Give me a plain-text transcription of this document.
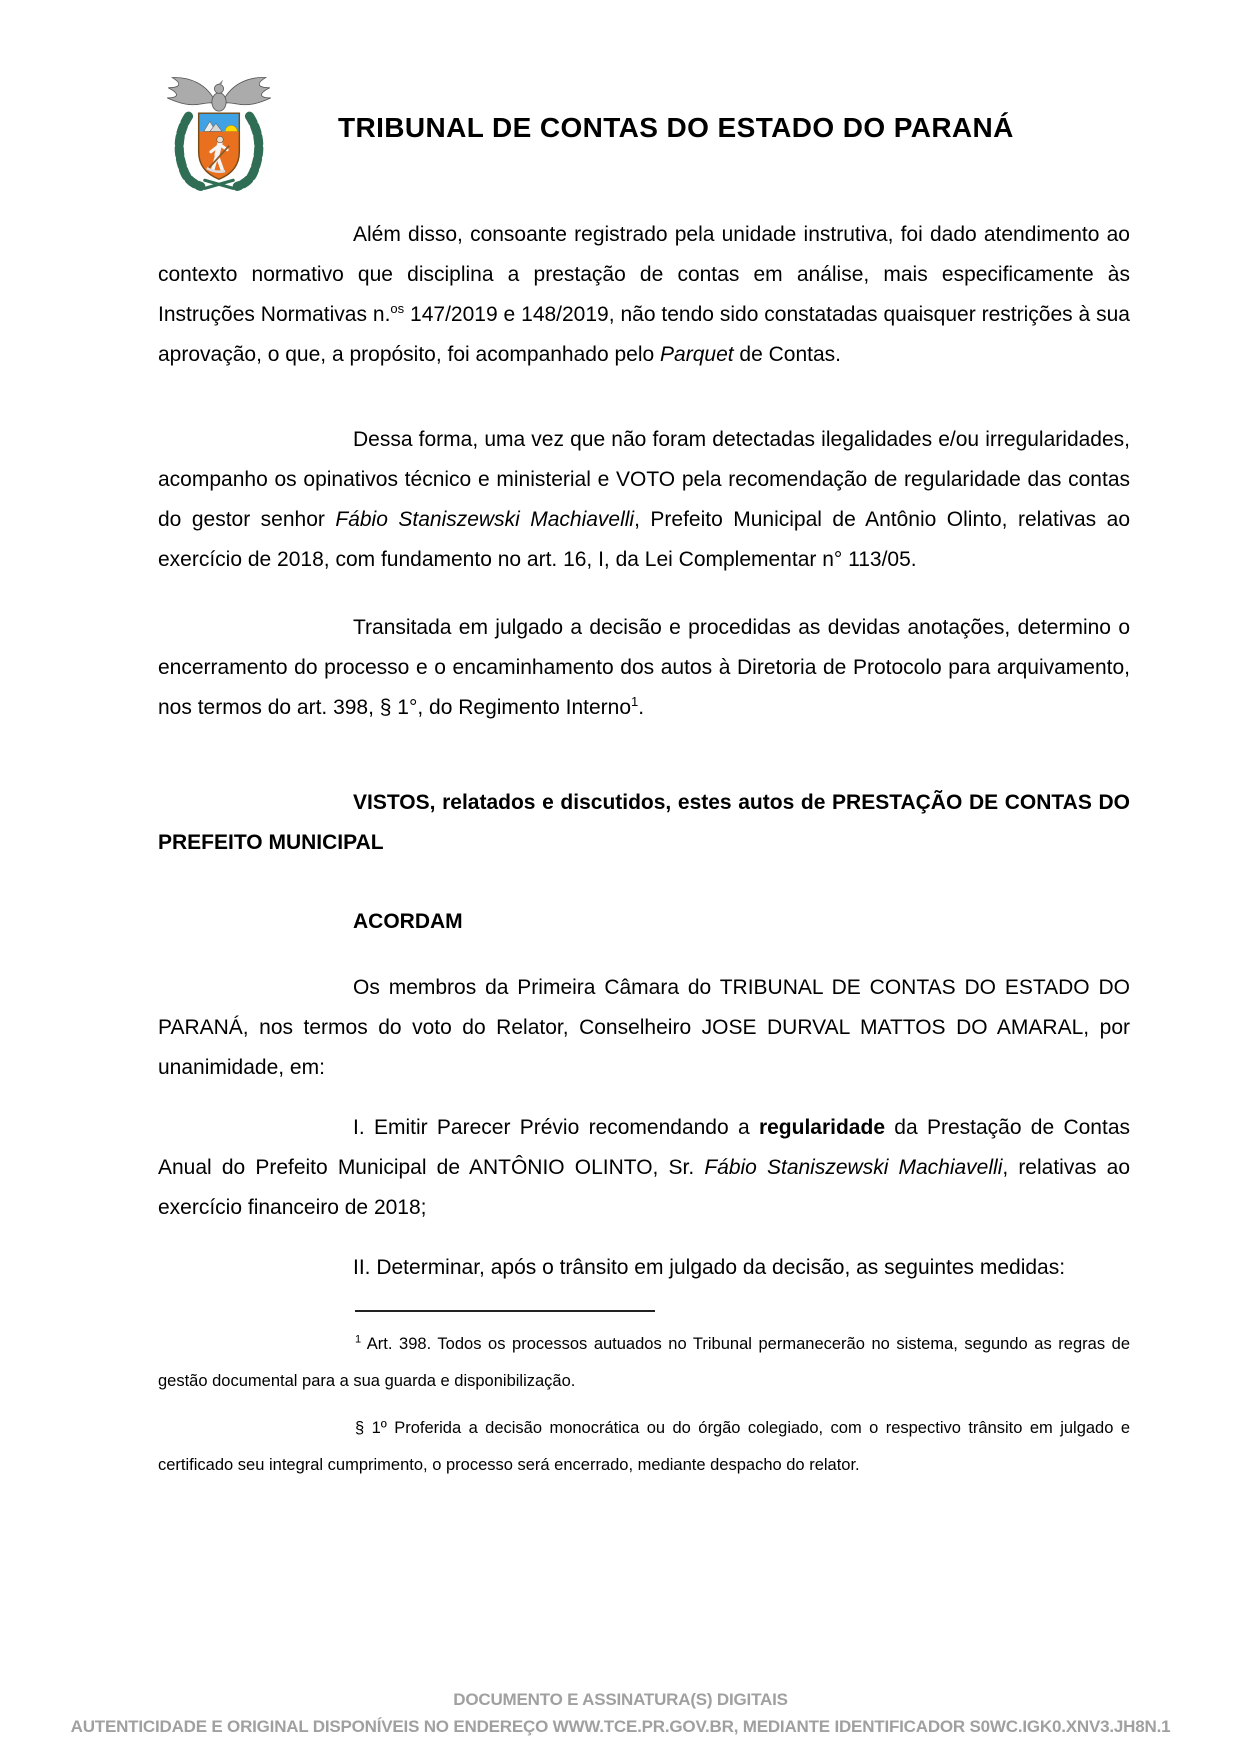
TRIBUNAL DE CONTAS DO ESTADO DO PARANÁ

Além disso, consoante registrado pela unidade instrutiva, foi dado atendimento ao contexto normativo que disciplina a prestação de contas em análise, mais especificamente às Instruções Normativas n.$^{os}$ 147/2019 e 148/2019, não tendo sido constatadas quaisquer restrições à sua aprovação, o que, a propósito, foi acompanhado pelo Parquet de Contas.

Dessa forma, uma vez que não foram detectadas ilegalidades e/ou irregularidades, acompanho os opinativos técnico e ministerial e VOTO pela recomendação de regularidade das contas do gestor senhor Fábio Staniszewski Machiavelli, Prefeito Municipal de Antônio Olinto, relativas ao exercício de 2018, com fundamento no art. 16, I, da Lei Complementar n° 113/05.

Transitada em julgado a decisão e procedidas as devidas anotações, determino o encerramento do processo e o encaminhamento dos autos à Diretoria de Protocolo para arquivamento, nos termos do art. 398, § 1°, do Regimento Interno$^1$.

VISTOS, relatados e discutidos, estes autos de PRESTAÇÃO DE CONTAS DO PREFEITO MUNICIPAL

ACORDAM

Os membros da Primeira Câmara do TRIBUNAL DE CONTAS DO ESTADO DO PARANÁ, nos termos do voto do Relator, Conselheiro JOSE DURVAL MATTOS DO AMARAL, por unanimidade, em:

I. Emitir Parecer Prévio recomendando a regularidade da Prestação de Contas Anual do Prefeito Municipal de ANTÔNIO OLINTO, Sr. Fábio Staniszewski Machiavelli, relativas ao exercício financeiro de 2018;

II. Determinar, após o trânsito em julgado da decisão, as seguintes medidas:

$^1$ Art. 398. Todos os processos autuados no Tribunal permanecerão no sistema, segundo as regras de gestão documental para a sua guarda e disponibilização.

§ 1º Proferida a decisão monocrática ou do órgão colegiado, com o respectivo trânsito em julgado e certificado seu integral cumprimento, o processo será encerrado, mediante despacho do relator.

DOCUMENTO E ASSINATURA(S) DIGITAIS
AUTENTICIDADE E ORIGINAL DISPONÍVEIS NO ENDEREÇO WWW.TCE.PR.GOV.BR, MEDIANTE IDENTIFICADOR S0WC.IGK0.XNV3.JH8N.1
